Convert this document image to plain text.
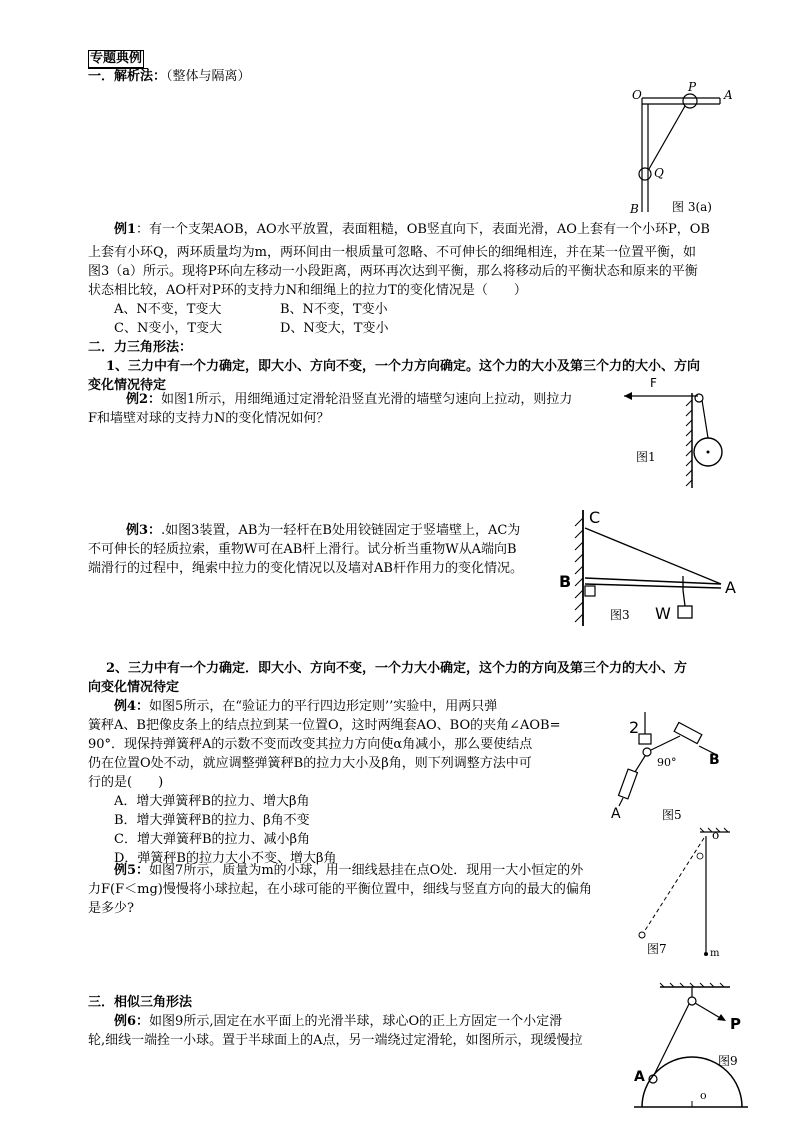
专题典例
一．解析法：（整体与隔离）
O
P
A
Q
B	图 3(a)
例1：有一个支架AOB，AO水平放置，表面粗糙，OB竖直向下，表面光滑，AO上套有一个小环P，OB
上套有小环Q，两环质量均为m，两环间由一根质量可忽略、不可伸长的细绳相连，并在某一位置平衡，如
图3（a）所示。现将P环向左移动一小段距离，两环再次达到平衡，那么将移动后的平衡状态和原来的平衡
状态相比较，AO杆对P环的支持力N和细绳上的拉力T的变化情况是（　　）
A、N不变，T变大	B、N不变，T变小
C、N变小，T变大	D、N变大，T变小
二．力三角形法：
1、三力中有一个力确定，即大小、方向不变，一个力方向确定。这个力的大小及第三个力的大小、方向
变化情况待定
例2：如图1所示，用细绳通过定滑轮沿竖直光滑的墙壁匀速向上拉动，则拉力
F和墙壁对球的支持力N的变化情况如何？
F
图1
例3：.如图3装置，AB为一轻杆在B处用铰链固定于竖墙壁上，AC为
不可伸长的轻质拉索，重物W可在AB杆上滑行。试分析当重物W从A端向B
端滑行的过程中，绳索中拉力的变化情况以及墙对AB杆作用力的变化情况。
C
B	A
W
图3
2、三力中有一个力确定．即大小、方向不变，一个力大小确定，这个力的方向及第三个力的大小、方
向变化情况待定
例4：如图5所示，在“验证力的平行四边形定则’’实验中，用两只弹
簧秤A、B把像皮条上的结点拉到某一位置O，这时两绳套AO、BO的夹角∠AOB=
90°．现保持弹簧秤A的示数不变而改变其拉力方向使α角减小，那么要使结点
仍在位置O处不动，就应调整弹簧秤B的拉力大小及β角，则下列调整方法中可
行的是(　　)
A．增大弹簧秤B的拉力、增大β角
B．增大弹簧秤B的拉力、β角不变
C．增大弹簧秤B的拉力、减小β角
D．弹簧秤B的拉力大小不变、增大β角
2
90° B
A	图5
例5：如图7所示，质量为m的小球，用一细线悬挂在点O处．现用一大小恒定的外
力F(F＜mg)慢慢将小球拉起，在小球可能的平衡位置中，细线与竖直方向的最大的偏角
是多少?
o
m
图7
三．相似三角形法
例6：如图9所示,固定在水平面上的光滑半球，球心O的正上方固定一个小定滑
轮,细线一端拴一小球。置于半球面上的A点，另一端绕过定滑轮，如图所示，现缓慢拉
P
A
o
图9
